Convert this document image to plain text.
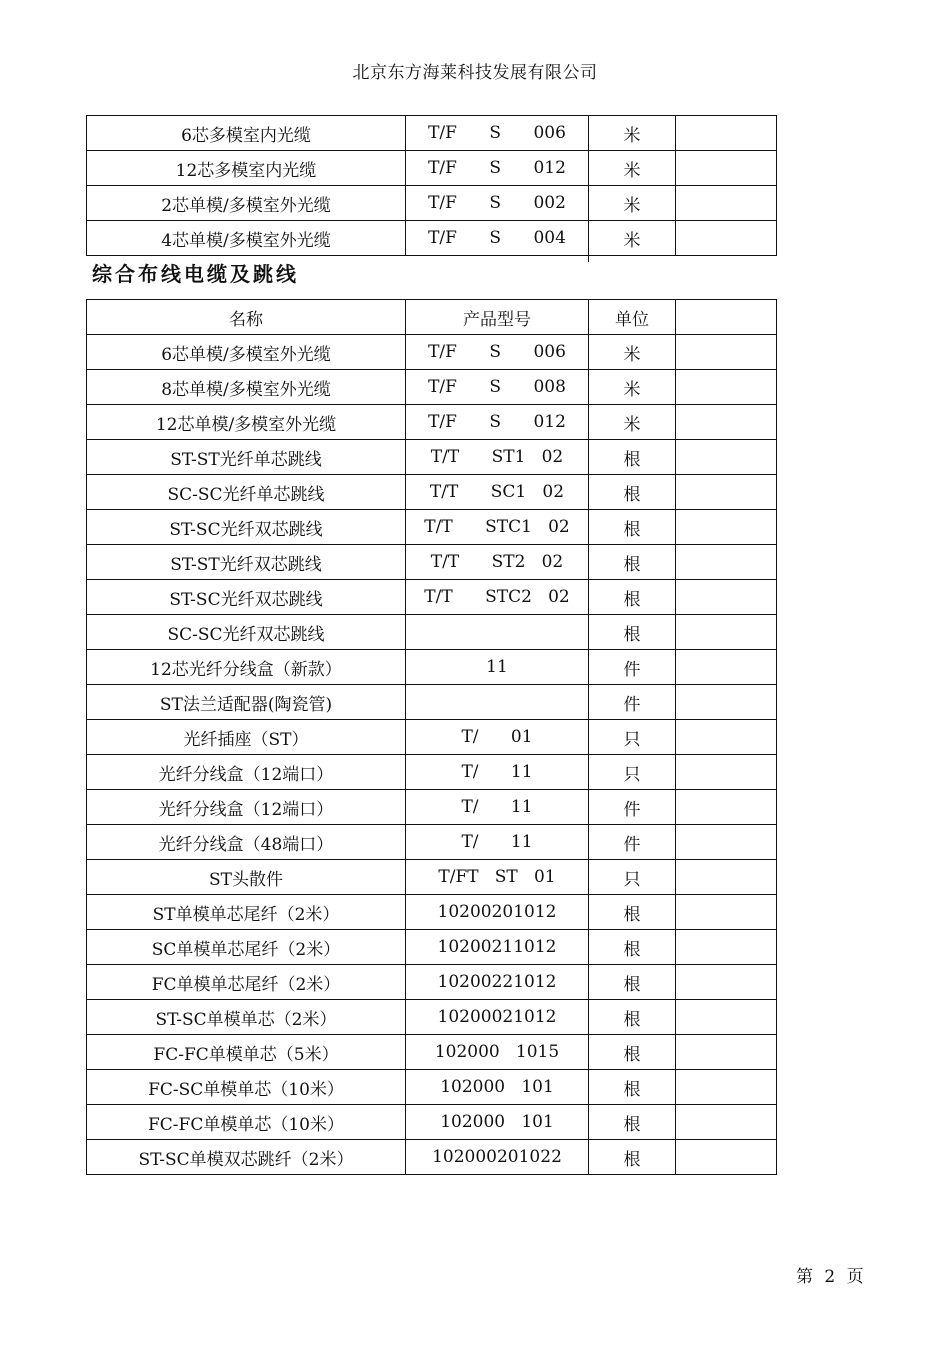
北京东方海莱科技发展有限公司
6芯多模室内光缆	T/F      S      006	米	
12芯多模室内光缆	T/F      S      012	米	
2芯单模/多模室外光缆	T/F      S      002	米	
4芯单模/多模室外光缆	T/F      S      004	米	
综合布线电缆及跳线
名称	产品型号	单位	
6芯单模/多模室外光缆	T/F      S      006	米	
8芯单模/多模室外光缆	T/F      S      008	米	
12芯单模/多模室外光缆	T/F      S      012	米	
ST-ST光纤单芯跳线	T/T      ST1   02	根	
SC-SC光纤单芯跳线	T/T      SC1   02	根	
ST-SC光纤双芯跳线	T/T      STC1   02	根	
ST-ST光纤双芯跳线	T/T      ST2   02	根	
ST-SC光纤双芯跳线	T/T      STC2   02	根	
SC-SC光纤双芯跳线		根	
12芯光纤分线盒（新款）	11	件	
ST法兰适配器(陶瓷管)		件	
光纤插座（ST）	T/      01	只	
光纤分线盒（12端口）	T/      11	只	
光纤分线盒（12端口）	T/      11	件	
光纤分线盒（48端口）	T/      11	件	
ST头散件	T/FT   ST   01	只	
ST单模单芯尾纤（2米）	10200201012	根	
SC单模单芯尾纤（2米）	10200211012	根	
FC单模单芯尾纤（2米）	10200221012	根	
ST-SC单模单芯（2米）	10200021012	根	
FC-FC单模单芯（5米）	102000   1015	根	
FC-SC单模单芯（10米）	102000   101	根	
FC-FC单模单芯（10米）	102000   101	根	
ST-SC单模双芯跳纤（2米）	102000201022	根	
第 2 页
